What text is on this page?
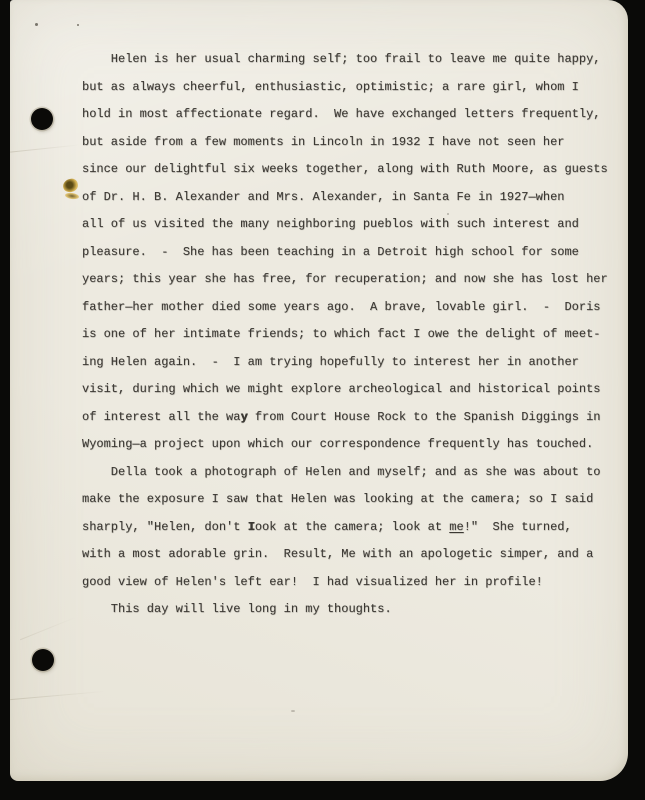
Helen is her usual charming self; too frail to leave me quite happy,
but as always cheerful, enthusiastic, optimistic; a rare girl, whom I
hold in most affectionate regard.  We have exchanged letters frequently,
but aside from a few moments in Lincoln in 1932 I have not seen her
since our delightful six weeks together, along with Ruth Moore, as guests
of Dr. H. B. Alexander and Mrs. Alexander, in Santa Fe in 1927—when
all of us visited the many neighboring pueblos with such interest and
pleasure.  -  She has been teaching in a Detroit high school for some
years; this year she has free, for recuperation; and now she has lost her
father—her mother died some years ago.  A brave, lovable girl.  -  Doris
is one of her intimate friends; to which fact I owe the delight of meet-
ing Helen again.  -  I am trying hopefully to interest her in another
visit, during which we might explore archeological and historical points
of interest all the way from Court House Rock to the Spanish Diggings in
Wyoming—a project upon which our correspondence frequently has touched.
Della took a photograph of Helen and myself; and as she was about to
make the exposure I saw that Helen was looking at the camera; so I said
sharply, "Helen, don't Iook at the camera; look at me!"  She turned,
with a most adorable grin.  Result, Me with an apologetic simper, and a
good view of Helen's left ear!  I had visualized her in profile!
This day will live long in my thoughts.
